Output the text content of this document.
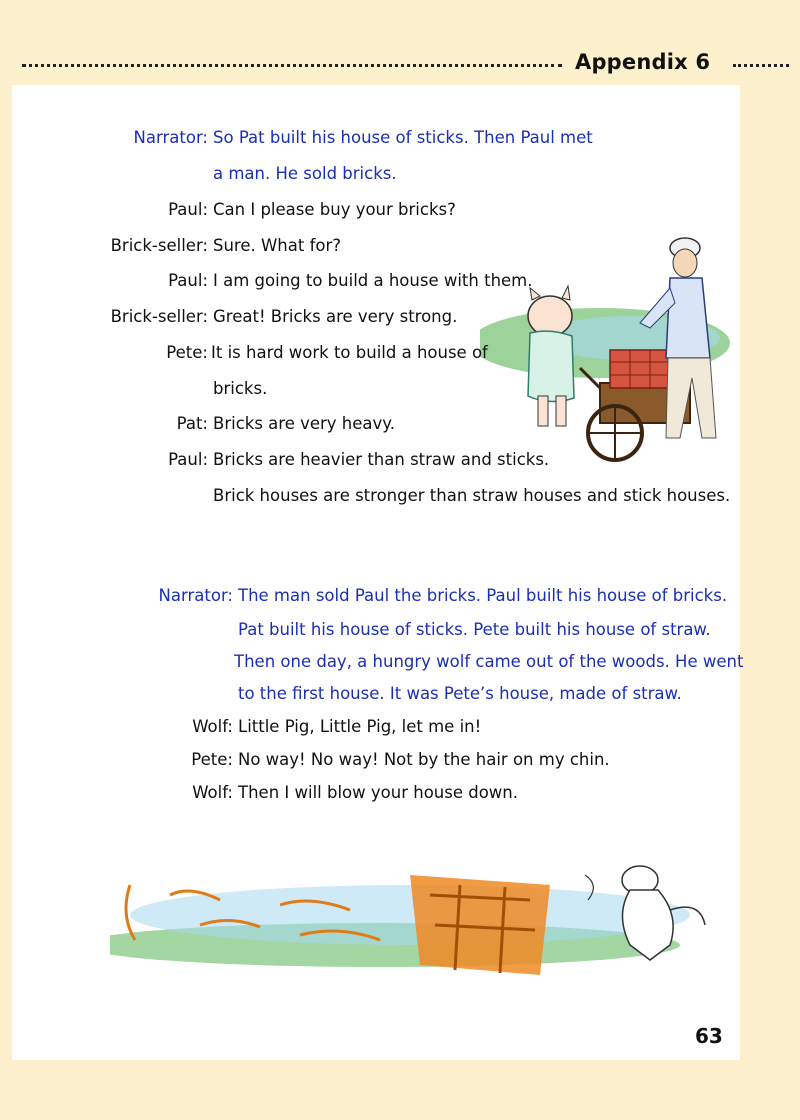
Appendix 6
Narrator: So Pat built his house of sticks. Then Paul met
a man. He sold bricks.
Paul: Can I please buy your bricks?
Brick-seller: Sure. What for?
Paul: I am going to build a house with them.
Brick-seller: Great! Bricks are very strong.
Pete: It is hard work to build a house of
bricks.
Pat: Bricks are very heavy.
Paul: Bricks are heavier than straw and sticks.
Brick houses are stronger than straw houses and stick houses.
Narrator: The man sold Paul the bricks. Paul built his house of bricks.
Pat built his house of sticks. Pete built his house of straw.
Then one day, a hungry wolf came out of the woods. He went
to the first house. It was Pete’s house, made of straw.
Wolf: Little Pig, Little Pig, let me in!
Pete: No way! No way! Not by the hair on my chin.
Wolf: Then I will blow your house down.
63
